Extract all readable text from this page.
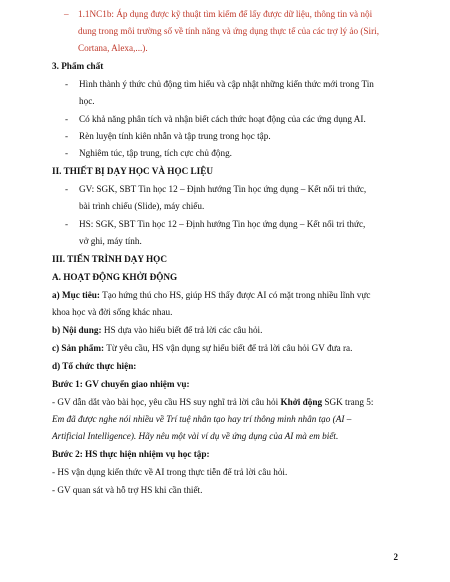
– 1.1NC1b: Áp dụng được kỹ thuật tìm kiếm để lấy được dữ liệu, thông tin và nội
dung trong môi trường số về tính năng và ứng dụng thực tế của các trợ lý ảo (Siri,
Cortana, Alexa,...).
3. Phẩm chất
- Hình thành ý thức chủ động tìm hiểu và cập nhật những kiến thức mới trong Tin
học.
- Có khả năng phân tích và nhận biết cách thức hoạt động của các ứng dụng AI.
- Rèn luyện tính kiên nhẫn và tập trung trong học tập.
- Nghiêm túc, tập trung, tích cực chủ động.
II. THIẾT BỊ DẠY HỌC VÀ HỌC LIỆU
- GV: SGK, SBT Tin học 12 – Định hướng Tin học ứng dụng – Kết nối tri thức,
bài trình chiếu (Slide), máy chiếu.
- HS: SGK, SBT Tin học 12 – Định hướng Tin học ứng dụng – Kết nối tri thức,
vở ghi, máy tính.
III. TIẾN TRÌNH DẠY HỌC
A. HOẠT ĐỘNG KHỞI ĐỘNG
a) Mục tiêu: Tạo hứng thú cho HS, giúp HS thấy được AI có mặt trong nhiều lĩnh vực
khoa học và đời sống khác nhau.
b) Nội dung: HS dựa vào hiểu biết để trả lời các câu hỏi.
c) Sản phẩm: Từ yêu cầu, HS vận dụng sự hiểu biết để trả lời câu hỏi GV đưa ra.
d) Tổ chức thực hiện:
Bước 1: GV chuyển giao nhiệm vụ:
- GV dẫn dắt vào bài học, yêu cầu HS suy nghĩ trả lời câu hỏi Khởi động SGK trang 5:
Em đã được nghe nói nhiều về Trí tuệ nhân tạo hay trí thông minh nhân tạo (AI –
Artificial Intelligence). Hãy nêu một vài ví dụ về ứng dụng của AI mà em biết.
Bước 2: HS thực hiện nhiệm vụ học tập:
- HS vận dụng kiến thức về AI trong thực tiễn để trả lời câu hỏi.
- GV quan sát và hỗ trợ HS khi cần thiết.
2
